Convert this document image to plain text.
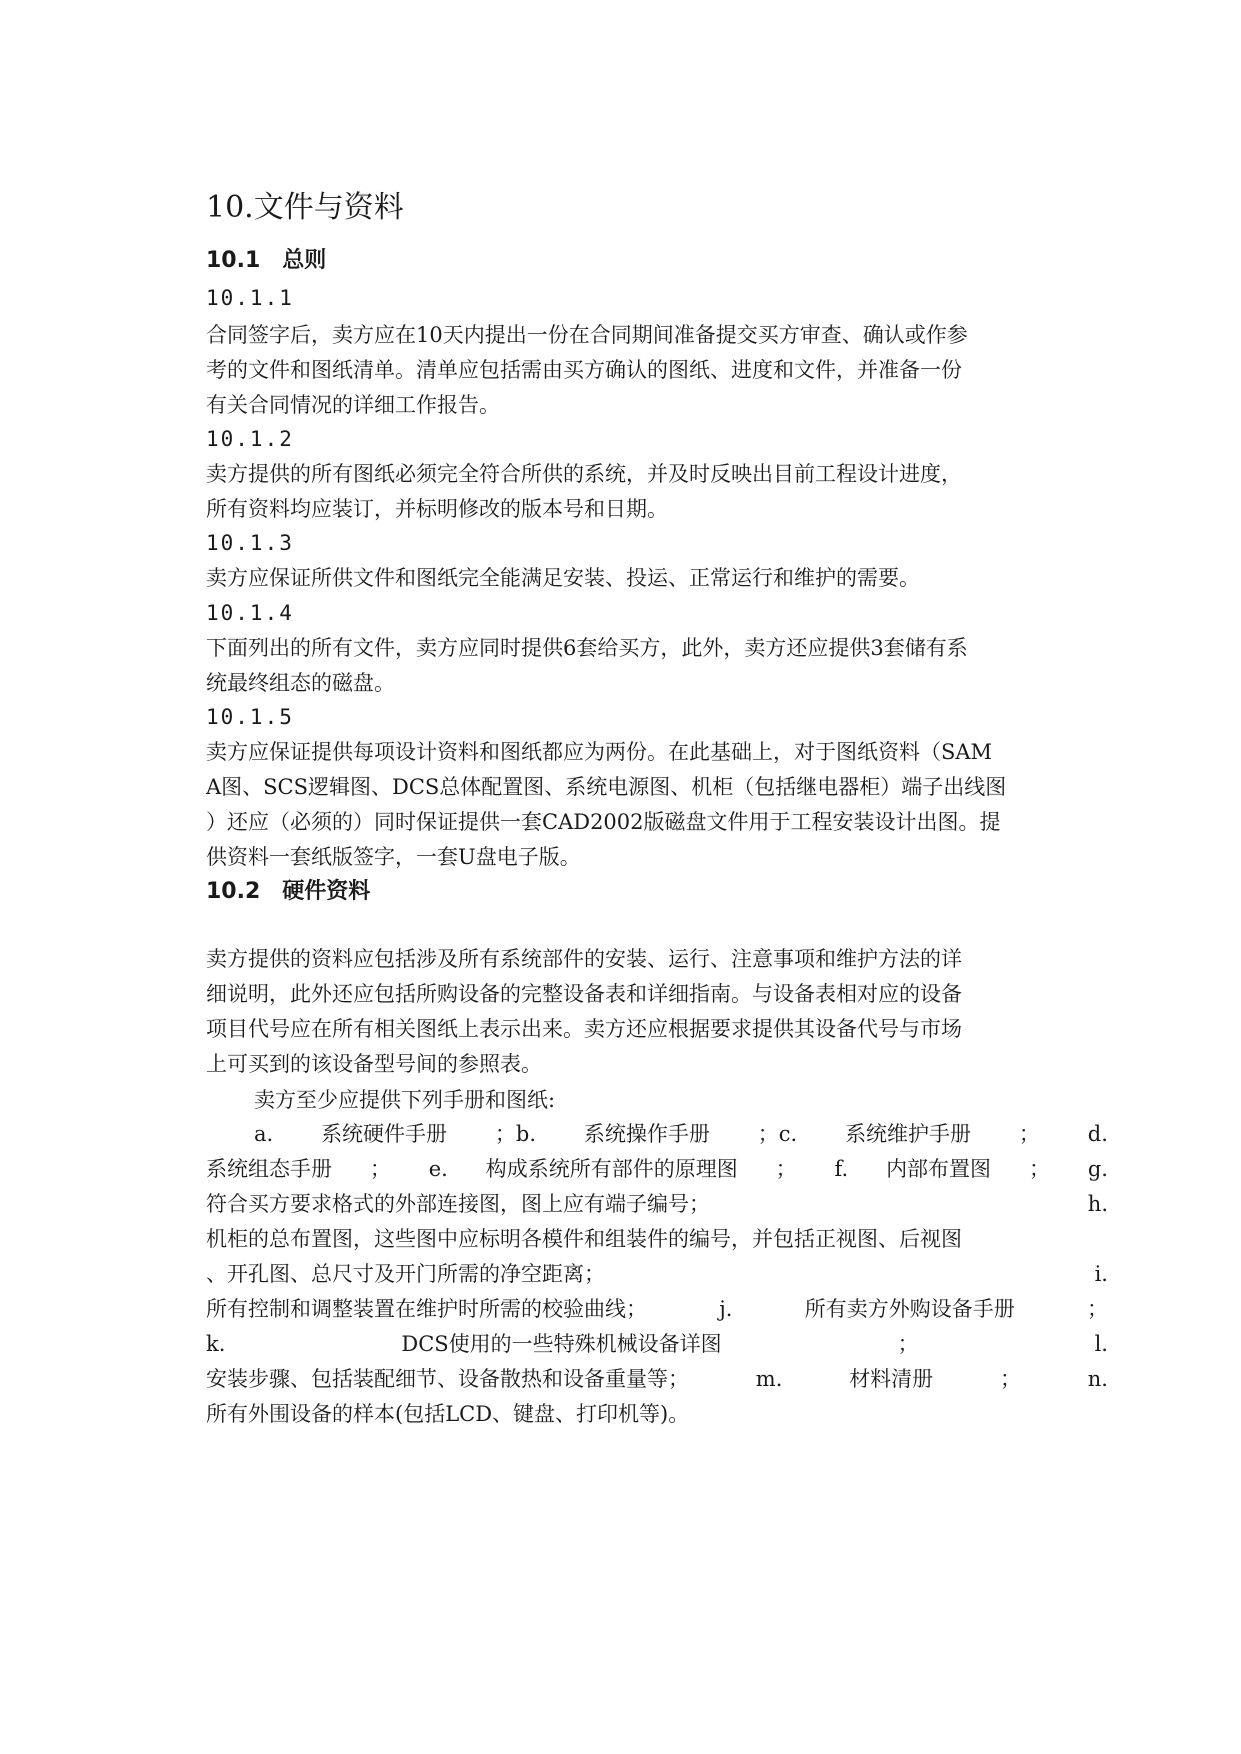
10.文件与资料
10.1　总则
10.1.1
合同签字后，卖方应在10天内提出一份在合同期间准备提交买方审查、确认或作参
考的文件和图纸清单。清单应包括需由买方确认的图纸、进度和文件，并准备一份
有关合同情况的详细工作报告。
10.1.2
卖方提供的所有图纸必须完全符合所供的系统，并及时反映出目前工程设计进度，
所有资料均应装订，并标明修改的版本号和日期。
10.1.3
卖方应保证所供文件和图纸完全能满足安装、投运、正常运行和维护的需要。
10.1.4
下面列出的所有文件，卖方应同时提供6套给买方，此外，卖方还应提供3套储有系
统最终组态的磁盘。
10.1.5
卖方应保证提供每项设计资料和图纸都应为两份。在此基础上，对于图纸资料（SAM
A图、SCS逻辑图、DCS总体配置图、系统电源图、机柜（包括继电器柜）端子出线图
）还应（必须的）同时保证提供一套CAD2002版磁盘文件用于工程安装设计出图。提
供资料一套纸版签字，一套U盘电子版。
10.2　硬件资料
卖方提供的资料应包括涉及所有系统部件的安装、运行、注意事项和维护方法的详
细说明，此外还应包括所购设备的完整设备表和详细指南。与设备表相对应的设备
项目代号应在所有相关图纸上表示出来。卖方还应根据要求提供其设备代号与市场
上可买到的该设备型号间的参照表。
卖方至少应提供下列手册和图纸:
a. 系统硬件手册 ；b. 系统操作手册 ；c. 系统维护手册 ； d.
系统组态手册 ； e. 构成系统所有部件的原理图 ； f. 内部布置图 ； g.
符合买方要求格式的外部连接图，图上应有端子编号；	h.
机柜的总布置图，这些图中应标明各模件和组装件的编号，并包括正视图、后视图
、开孔图、总尺寸及开门所需的净空距离；	i.
所有控制和调整装置在维护时所需的校验曲线；	j.	所有卖方外购设备手册	；
k.	DCS使用的一些特殊机械设备详图	；	l.
安装步骤、包括装配细节、设备散热和设备重量等；	m.	材料清册	；	n.
所有外围设备的样本(包括LCD、键盘、打印机等)。
